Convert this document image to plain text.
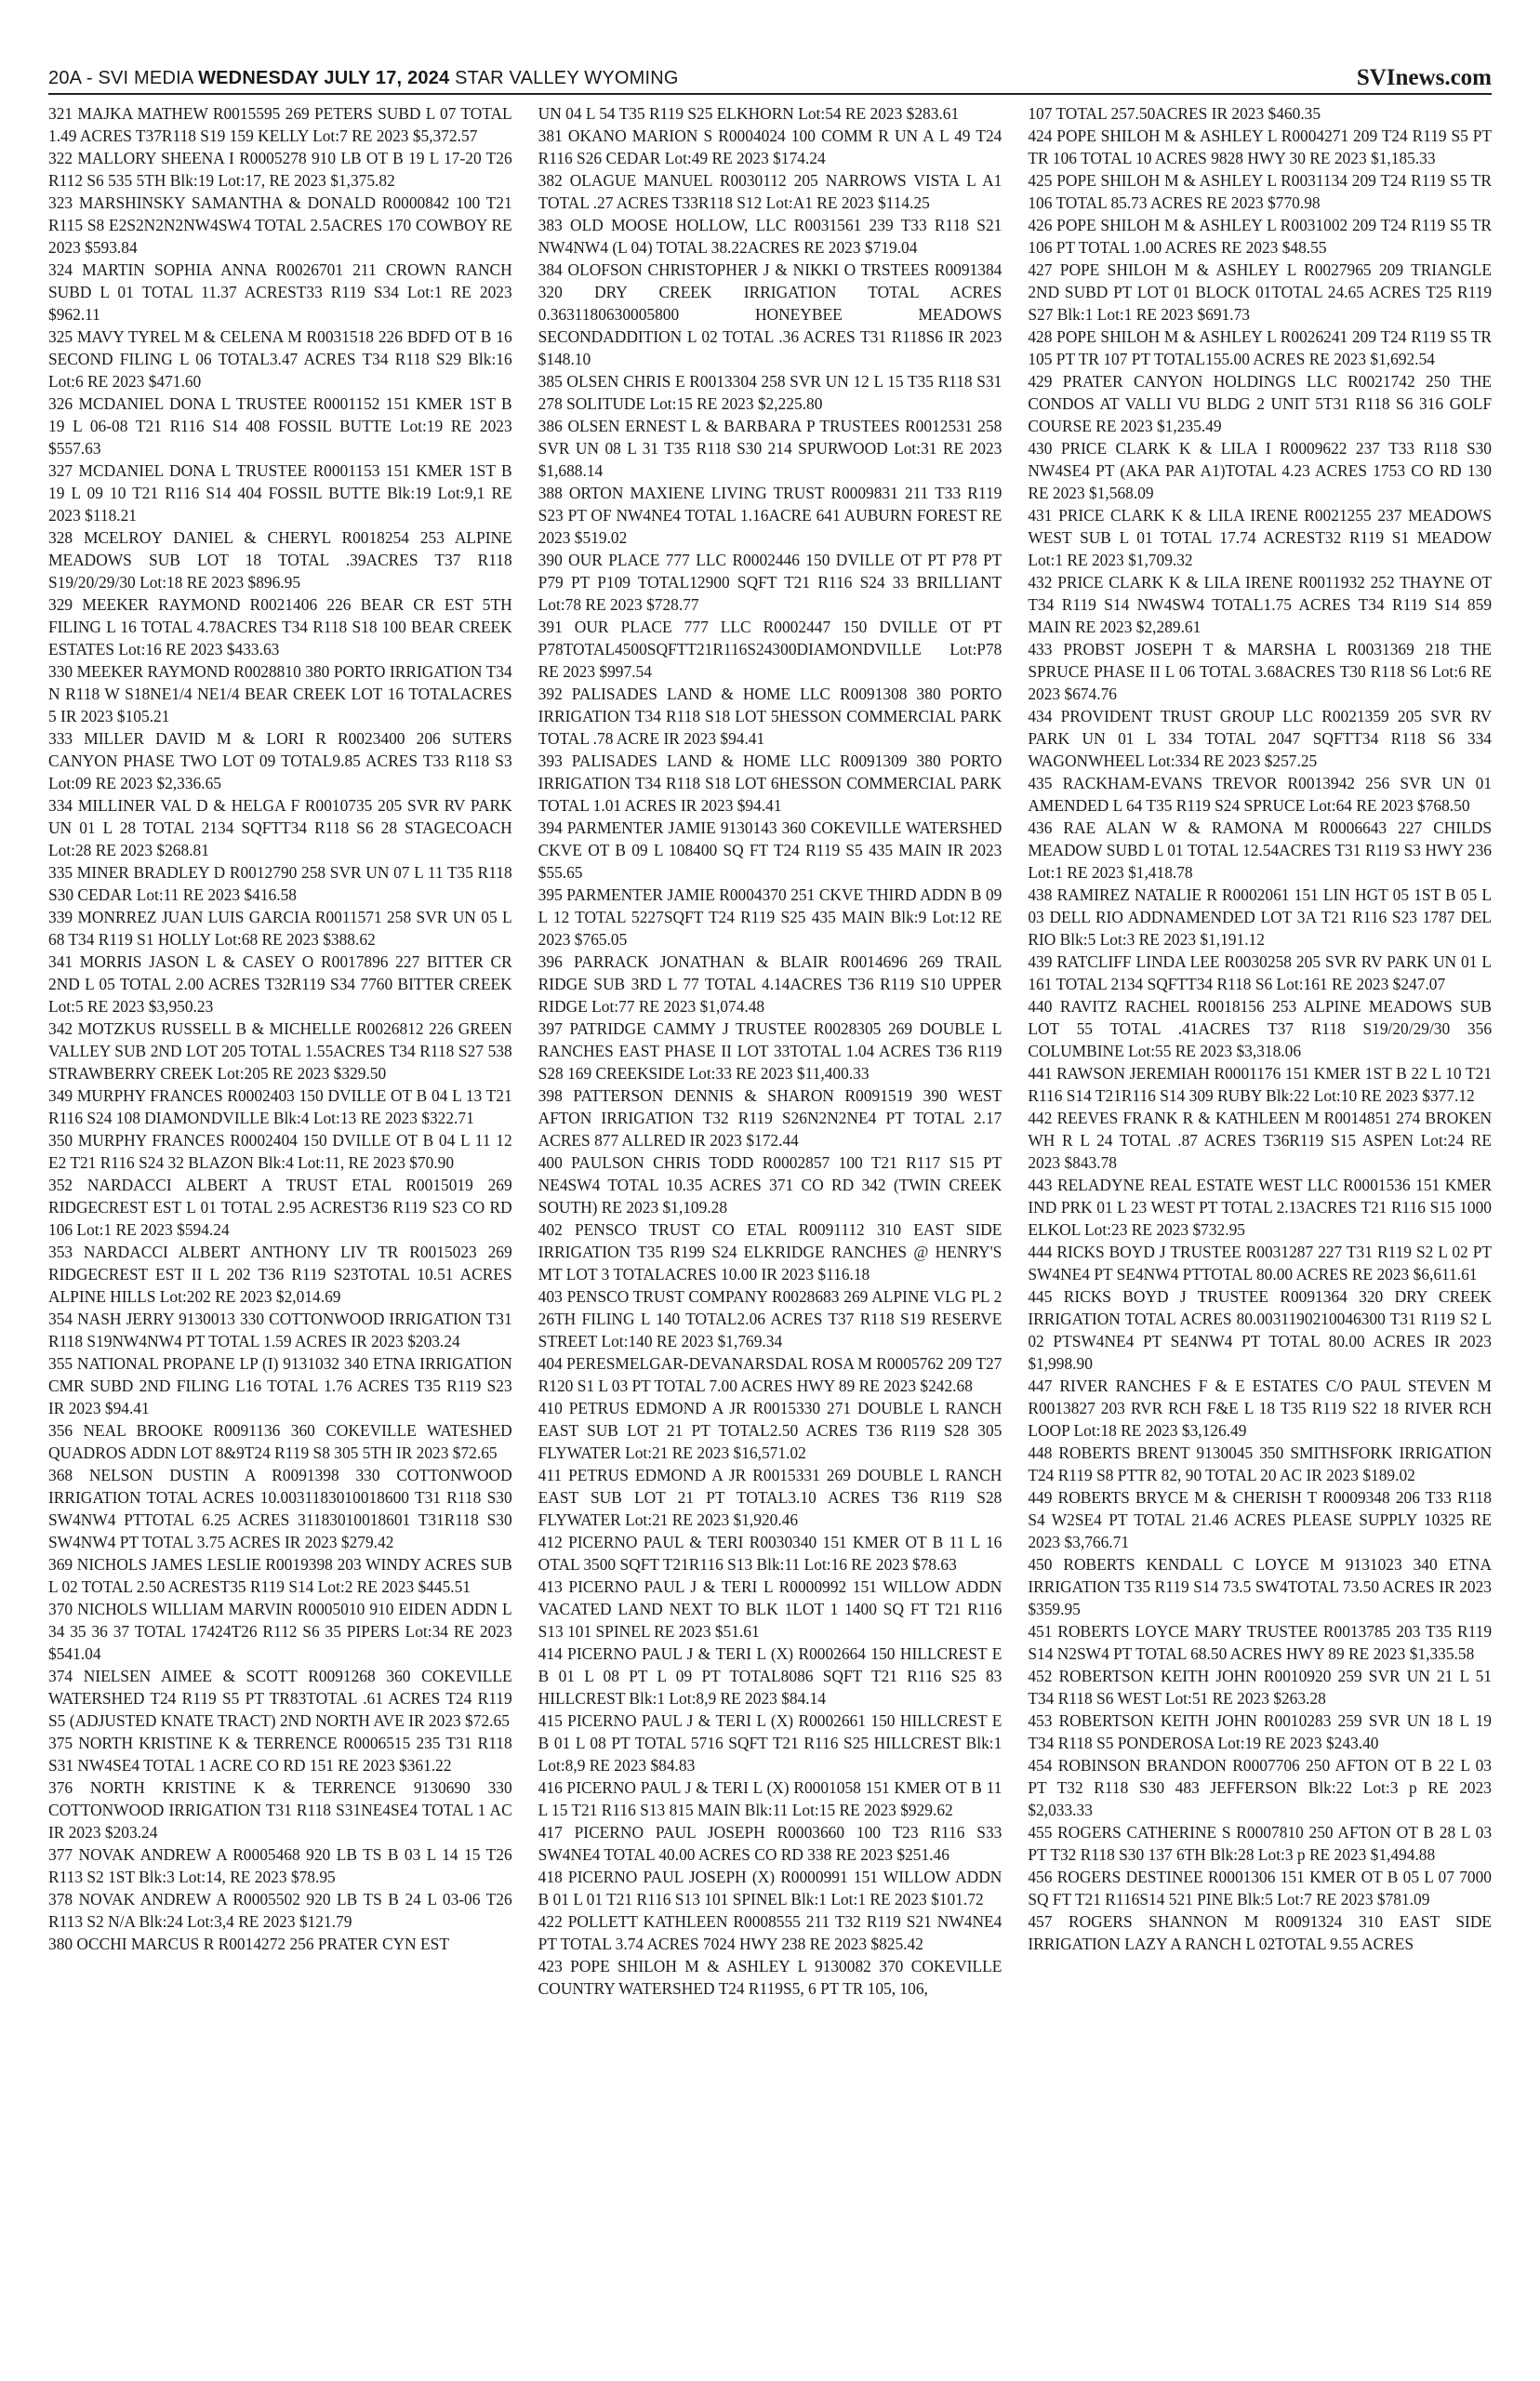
20A - SVI MEDIA WEDNESDAY JULY 17, 2024 STAR VALLEY WYOMING	SVInews.com

321 MAJKA MATHEW R0015595 269 PETERS SUBD L 07 TOTAL 1.49 ACRES T37R118 S19 159 KELLY Lot:7 RE 2023 $5,372.57

322 MALLORY SHEENA I R0005278 910 LB OT B 19 L 17-20 T26 R112 S6 535 5TH Blk:19 Lot:17, RE 2023 $1,375.82

323 MARSHINSKY SAMANTHA & DONALD R0000842 100 T21 R115 S8 E2S2N2N2NW4SW4 TOTAL 2.5ACRES 170 COWBOY RE 2023 $593.84

324 MARTIN SOPHIA ANNA R0026701 211 CROWN RANCH SUBD L 01 TOTAL 11.37 ACREST33 R119 S34 Lot:1 RE 2023 $962.11

325 MAVY TYREL M & CELENA M R0031518 226 BDFD OT B 16 SECOND FILING L 06 TOTAL3.47 ACRES T34 R118 S29 Blk:16 Lot:6 RE 2023 $471.60

326 MCDANIEL DONA L TRUSTEE R0001152 151 KMER 1ST B 19 L 06-08 T21 R116 S14 408 FOSSIL BUTTE Lot:19 RE 2023 $557.63

327 MCDANIEL DONA L TRUSTEE R0001153 151 KMER 1ST B 19 L 09 10 T21 R116 S14 404 FOSSIL BUTTE Blk:19 Lot:9,1 RE 2023 $118.21

328 MCELROY DANIEL & CHERYL R0018254 253 ALPINE MEADOWS SUB LOT 18 TOTAL .39ACRES T37 R118 S19/20/29/30 Lot:18 RE 2023 $896.95

329 MEEKER RAYMOND R0021406 226 BEAR CR EST 5TH FILING L 16 TOTAL 4.78ACRES T34 R118 S18 100 BEAR CREEK ESTATES Lot:16 RE 2023 $433.63

330 MEEKER RAYMOND R0028810 380 PORTO IRRIGATION T34 N R118 W S18NE1/4 NE1/4 BEAR CREEK LOT 16 TOTALACRES 5 IR 2023 $105.21

333 MILLER DAVID M & LORI R R0023400 206 SUTERS CANYON PHASE TWO LOT 09 TOTAL9.85 ACRES T33 R118 S3 Lot:09 RE 2023 $2,336.65

334 MILLINER VAL D & HELGA F R0010735 205 SVR RV PARK UN 01 L 28 TOTAL 2134 SQFTT34 R118 S6 28 STAGECOACH Lot:28 RE 2023 $268.81

335 MINER BRADLEY D R0012790 258 SVR UN 07 L 11 T35 R118 S30 CEDAR Lot:11 RE 2023 $416.58

339 MONRREZ JUAN LUIS GARCIA R0011571 258 SVR UN 05 L 68 T34 R119 S1 HOLLY Lot:68 RE 2023 $388.62

341 MORRIS JASON L & CASEY O R0017896 227 BITTER CR 2ND L 05 TOTAL 2.00 ACRES T32R119 S34 7760 BITTER CREEK Lot:5 RE 2023 $3,950.23

342 MOTZKUS RUSSELL B & MICHELLE R0026812 226 GREEN VALLEY SUB 2ND LOT 205 TOTAL 1.55ACRES T34 R118 S27 538 STRAWBERRY CREEK Lot:205 RE 2023 $329.50

349 MURPHY FRANCES R0002403 150 DVILLE OT B 04 L 13 T21 R116 S24 108 DIAMONDVILLE Blk:4 Lot:13 RE 2023 $322.71

350 MURPHY FRANCES R0002404 150 DVILLE OT B 04 L 11 12 E2 T21 R116 S24 32 BLAZON Blk:4 Lot:11, RE 2023 $70.90

352 NARDACCI ALBERT A TRUST ETAL R0015019 269 RIDGECREST EST L 01 TOTAL 2.95 ACREST36 R119 S23 CO RD 106 Lot:1 RE 2023 $594.24

353 NARDACCI ALBERT ANTHONY LIV TR R0015023 269 RIDGECREST EST II L 202 T36 R119 S23TOTAL 10.51 ACRES ALPINE HILLS Lot:202 RE 2023 $2,014.69

354 NASH JERRY 9130013 330 COTTONWOOD IRRIGATION T31 R118 S19NW4NW4 PT TOTAL 1.59 ACRES IR 2023 $203.24

355 NATIONAL PROPANE LP (I) 9131032 340 ETNA IRRIGATION CMR SUBD 2ND FILING L16 TOTAL 1.76 ACRES T35 R119 S23 IR 2023 $94.41

356 NEAL BROOKE R0091136 360 COKEVILLE WATESHED QUADROS ADDN LOT 8&9T24 R119 S8 305 5TH IR 2023 $72.65

368 NELSON DUSTIN A R0091398 330 COTTONWOOD IRRIGATION TOTAL ACRES 10.0031183010018600 T31 R118 S30 SW4NW4 PTTOTAL 6.25 ACRES 31183010018601 T31R118 S30 SW4NW4 PT TOTAL 3.75 ACRES IR 2023 $279.42

369 NICHOLS JAMES LESLIE R0019398 203 WINDY ACRES SUB L 02 TOTAL 2.50 ACREST35 R119 S14 Lot:2 RE 2023 $445.51

370 NICHOLS WILLIAM MARVIN R0005010 910 EIDEN ADDN L 34 35 36 37 TOTAL 17424T26 R112 S6 35 PIPERS Lot:34 RE 2023 $541.04

374 NIELSEN AIMEE & SCOTT R0091268 360 COKEVILLE WATERSHED T24 R119 S5 PT TR83TOTAL .61 ACRES T24 R119 S5 (ADJUSTED KNATE TRACT) 2ND NORTH AVE IR 2023 $72.65

375 NORTH KRISTINE K & TERRENCE R0006515 235 T31 R118 S31 NW4SE4 TOTAL 1 ACRE CO RD 151 RE 2023 $361.22

376 NORTH KRISTINE K & TERRENCE 9130690 330 COTTONWOOD IRRIGATION T31 R118 S31NE4SE4 TOTAL 1 AC IR 2023 $203.24

377 NOVAK ANDREW A R0005468 920 LB TS B 03 L 14 15 T26 R113 S2 1ST Blk:3 Lot:14, RE 2023 $78.95

378 NOVAK ANDREW A R0005502 920 LB TS B 24 L 03-06 T26 R113 S2 N/A Blk:24 Lot:3,4 RE 2023 $121.79

380 OCCHI MARCUS R R0014272 256 PRATER CYN EST

UN 04 L 54 T35 R119 S25 ELKHORN Lot:54 RE 2023 $283.61

381 OKANO MARION S R0004024 100 COMM R UN A L 49 T24 R116 S26 CEDAR Lot:49 RE 2023 $174.24

382 OLAGUE MANUEL R0030112 205 NARROWS VISTA L A1 TOTAL .27 ACRES T33R118 S12 Lot:A1 RE 2023 $114.25

383 OLD MOOSE HOLLOW, LLC R0031561 239 T33 R118 S21 NW4NW4 (L 04) TOTAL 38.22ACRES RE 2023 $719.04

384 OLOFSON CHRISTOPHER J & NIKKI O TRSTEES R0091384 320 DRY CREEK IRRIGATION TOTAL ACRES 0.3631180630005800 HONEYBEE MEADOWS SECONDADDITION L 02 TOTAL .36 ACRES T31 R118S6 IR 2023 $148.10

385 OLSEN CHRIS E R0013304 258 SVR UN 12 L 15 T35 R118 S31 278 SOLITUDE Lot:15 RE 2023 $2,225.80

386 OLSEN ERNEST L & BARBARA P TRUSTEES R0012531 258 SVR UN 08 L 31 T35 R118 S30 214 SPURWOOD Lot:31 RE 2023 $1,688.14

388 ORTON MAXIENE LIVING TRUST R0009831 211 T33 R119 S23 PT OF NW4NE4 TOTAL 1.16ACRE 641 AUBURN FOREST RE 2023 $519.02

390 OUR PLACE 777 LLC R0002446 150 DVILLE OT PT P78 PT P79 PT P109 TOTAL12900 SQFT T21 R116 S24 33 BRILLIANT Lot:78 RE 2023 $728.77

391 OUR PLACE 777 LLC R0002447 150 DVILLE OT PT P78TOTAL4500SQFTT21R116S24300DIAMONDVILLE Lot:P78 RE 2023 $997.54

392 PALISADES LAND & HOME LLC R0091308 380 PORTO IRRIGATION T34 R118 S18 LOT 5HESSON COMMERCIAL PARK TOTAL .78 ACRE IR 2023 $94.41

393 PALISADES LAND & HOME LLC R0091309 380 PORTO IRRIGATION T34 R118 S18 LOT 6HESSON COMMERCIAL PARK TOTAL 1.01 ACRES IR 2023 $94.41

394 PARMENTER JAMIE 9130143 360 COKEVILLE WATERSHED CKVE OT B 09 L 108400 SQ FT T24 R119 S5 435 MAIN IR 2023 $55.65

395 PARMENTER JAMIE R0004370 251 CKVE THIRD ADDN B 09 L 12 TOTAL 5227SQFT T24 R119 S25 435 MAIN Blk:9 Lot:12 RE 2023 $765.05

396 PARRACK JONATHAN & BLAIR R0014696 269 TRAIL RIDGE SUB 3RD L 77 TOTAL 4.14ACRES T36 R119 S10 UPPER RIDGE Lot:77 RE 2023 $1,074.48

397 PATRIDGE CAMMY J TRUSTEE R0028305 269 DOUBLE L RANCHES EAST PHASE II LOT 33TOTAL 1.04 ACRES T36 R119 S28 169 CREEKSIDE Lot:33 RE 2023 $11,400.33

398 PATTERSON DENNIS & SHARON R0091519 390 WEST AFTON IRRIGATION T32 R119 S26N2N2NE4 PT TOTAL 2.17 ACRES 877 ALLRED IR 2023 $172.44

400 PAULSON CHRIS TODD R0002857 100 T21 R117 S15 PT NE4SW4 TOTAL 10.35 ACRES 371 CO RD 342 (TWIN CREEK SOUTH) RE 2023 $1,109.28

402 PENSCO TRUST CO ETAL R0091112 310 EAST SIDE IRRIGATION T35 R199 S24 ELKRIDGE RANCHES @ HENRY'S MT LOT 3 TOTALACRES 10.00 IR 2023 $116.18

403 PENSCO TRUST COMPANY R0028683 269 ALPINE VLG PL 2 26TH FILING L 140 TOTAL2.06 ACRES T37 R118 S19 RESERVE STREET Lot:140 RE 2023 $1,769.34

404 PERESMELGAR-DEVANARSDAL ROSA M R0005762 209 T27 R120 S1 L 03 PT TOTAL 7.00 ACRES HWY 89 RE 2023 $242.68

410 PETRUS EDMOND A JR R0015330 271 DOUBLE L RANCH EAST SUB LOT 21 PT TOTAL2.50 ACRES T36 R119 S28 305 FLYWATER Lot:21 RE 2023 $16,571.02

411 PETRUS EDMOND A JR R0015331 269 DOUBLE L RANCH EAST SUB LOT 21 PT TOTAL3.10 ACRES T36 R119 S28 FLYWATER Lot:21 RE 2023 $1,920.46

412 PICERNO PAUL & TERI R0030340 151 KMER OT B 11 L 16 OTAL 3500 SQFT T21R116 S13 Blk:11 Lot:16 RE 2023 $78.63

413 PICERNO PAUL J & TERI L R0000992 151 WILLOW ADDN VACATED LAND NEXT TO BLK 1LOT 1 1400 SQ FT T21 R116 S13 101 SPINEL RE 2023 $51.61

414 PICERNO PAUL J & TERI L (X) R0002664 150 HILLCREST E B 01 L 08 PT L 09 PT TOTAL8086 SQFT T21 R116 S25 83 HILLCREST Blk:1 Lot:8,9 RE 2023 $84.14

415 PICERNO PAUL J & TERI L (X) R0002661 150 HILLCREST E B 01 L 08 PT TOTAL 5716 SQFT T21 R116 S25 HILLCREST Blk:1 Lot:8,9 RE 2023 $84.83

416 PICERNO PAUL J & TERI L (X) R0001058 151 KMER OT B 11 L 15 T21 R116 S13 815 MAIN Blk:11 Lot:15 RE 2023 $929.62

417 PICERNO PAUL JOSEPH R0003660 100 T23 R116 S33 SW4NE4 TOTAL 40.00 ACRES CO RD 338 RE 2023 $251.46

418 PICERNO PAUL JOSEPH (X) R0000991 151 WILLOW ADDN B 01 L 01 T21 R116 S13 101 SPINEL Blk:1 Lot:1 RE 2023 $101.72

422 POLLETT KATHLEEN R0008555 211 T32 R119 S21 NW4NE4 PT TOTAL 3.74 ACRES 7024 HWY 238 RE 2023 $825.42

423 POPE SHILOH M & ASHLEY L 9130082 370 COKEVILLE COUNTRY WATERSHED T24 R119S5, 6 PT TR 105, 106,

107 TOTAL 257.50ACRES IR 2023 $460.35

424 POPE SHILOH M & ASHLEY L R0004271 209 T24 R119 S5 PT TR 106 TOTAL 10 ACRES 9828 HWY 30 RE 2023 $1,185.33

425 POPE SHILOH M & ASHLEY L R0031134 209 T24 R119 S5 TR 106 TOTAL 85.73 ACRES RE 2023 $770.98

426 POPE SHILOH M & ASHLEY L R0031002 209 T24 R119 S5 TR 106 PT TOTAL 1.00 ACRES RE 2023 $48.55

427 POPE SHILOH M & ASHLEY L R0027965 209 TRIANGLE 2ND SUBD PT LOT 01 BLOCK 01TOTAL 24.65 ACRES T25 R119 S27 Blk:1 Lot:1 RE 2023 $691.73

428 POPE SHILOH M & ASHLEY L R0026241 209 T24 R119 S5 TR 105 PT TR 107 PT TOTAL155.00 ACRES RE 2023 $1,692.54

429 PRATER CANYON HOLDINGS LLC R0021742 250 THE CONDOS AT VALLI VU BLDG 2 UNIT 5T31 R118 S6 316 GOLF COURSE RE 2023 $1,235.49

430 PRICE CLARK K & LILA I R0009622 237 T33 R118 S30 NW4SE4 PT (AKA PAR A1)TOTAL 4.23 ACRES 1753 CO RD 130 RE 2023 $1,568.09

431 PRICE CLARK K & LILA IRENE R0021255 237 MEADOWS WEST SUB L 01 TOTAL 17.74 ACREST32 R119 S1 MEADOW Lot:1 RE 2023 $1,709.32

432 PRICE CLARK K & LILA IRENE R0011932 252 THAYNE OT T34 R119 S14 NW4SW4 TOTAL1.75 ACRES T34 R119 S14 859 MAIN RE 2023 $2,289.61

433 PROBST JOSEPH T & MARSHA L R0031369 218 THE SPRUCE PHASE II L 06 TOTAL 3.68ACRES T30 R118 S6 Lot:6 RE 2023 $674.76

434 PROVIDENT TRUST GROUP LLC R0021359 205 SVR RV PARK UN 01 L 334 TOTAL 2047 SQFTT34 R118 S6 334 WAGONWHEEL Lot:334 RE 2023 $257.25

435 RACKHAM-EVANS TREVOR R0013942 256 SVR UN 01 AMENDED L 64 T35 R119 S24 SPRUCE Lot:64 RE 2023 $768.50

436 RAE ALAN W & RAMONA M R0006643 227 CHILDS MEADOW SUBD L 01 TOTAL 12.54ACRES T31 R119 S3 HWY 236 Lot:1 RE 2023 $1,418.78

438 RAMIREZ NATALIE R R0002061 151 LIN HGT 05 1ST B 05 L 03 DELL RIO ADDNAMENDED LOT 3A T21 R116 S23 1787 DEL RIO Blk:5 Lot:3 RE 2023 $1,191.12

439 RATCLIFF LINDA LEE R0030258 205 SVR RV PARK UN 01 L 161 TOTAL 2134 SQFTT34 R118 S6 Lot:161 RE 2023 $247.07

440 RAVITZ RACHEL R0018156 253 ALPINE MEADOWS SUB LOT 55 TOTAL .41ACRES T37 R118 S19/20/29/30 356 COLUMBINE Lot:55 RE 2023 $3,318.06

441 RAWSON JEREMIAH R0001176 151 KMER 1ST B 22 L 10 T21 R116 S14 T21R116 S14 309 RUBY Blk:22 Lot:10 RE 2023 $377.12

442 REEVES FRANK R & KATHLEEN M R0014851 274 BROKEN WH R L 24 TOTAL .87 ACRES T36R119 S15 ASPEN Lot:24 RE 2023 $843.78

443 RELADYNE REAL ESTATE WEST LLC R0001536 151 KMER IND PRK 01 L 23 WEST PT TOTAL 2.13ACRES T21 R116 S15 1000 ELKOL Lot:23 RE 2023 $732.95

444 RICKS BOYD J TRUSTEE R0031287 227 T31 R119 S2 L 02 PT SW4NE4 PT SE4NW4 PTTOTAL 80.00 ACRES RE 2023 $6,611.61

445 RICKS BOYD J TRUSTEE R0091364 320 DRY CREEK IRRIGATION TOTAL ACRES 80.0031190210046300 T31 R119 S2 L 02 PTSW4NE4 PT SE4NW4 PT TOTAL 80.00 ACRES IR 2023 $1,998.90

447 RIVER RANCHES F & E ESTATES C/O PAUL STEVEN M R0013827 203 RVR RCH F&E L 18 T35 R119 S22 18 RIVER RCH LOOP Lot:18 RE 2023 $3,126.49

448 ROBERTS BRENT 9130045 350 SMITHSFORK IRRIGATION T24 R119 S8 PTTR 82, 90 TOTAL 20 AC IR 2023 $189.02

449 ROBERTS BRYCE M & CHERISH T R0009348 206 T33 R118 S4 W2SE4 PT TOTAL 21.46 ACRES PLEASE SUPPLY 10325 RE 2023 $3,766.71

450 ROBERTS KENDALL C LOYCE M 9131023 340 ETNA IRRIGATION T35 R119 S14 73.5 SW4TOTAL 73.50 ACRES IR 2023 $359.95

451 ROBERTS LOYCE MARY TRUSTEE R0013785 203 T35 R119 S14 N2SW4 PT TOTAL 68.50 ACRES HWY 89 RE 2023 $1,335.58

452 ROBERTSON KEITH JOHN R0010920 259 SVR UN 21 L 51 T34 R118 S6 WEST Lot:51 RE 2023 $263.28

453 ROBERTSON KEITH JOHN R0010283 259 SVR UN 18 L 19 T34 R118 S5 PONDEROSA Lot:19 RE 2023 $243.40

454 ROBINSON BRANDON R0007706 250 AFTON OT B 22 L 03 PT T32 R118 S30 483 JEFFERSON Blk:22 Lot:3 p RE 2023 $2,033.33

455 ROGERS CATHERINE S R0007810 250 AFTON OT B 28 L 03 PT T32 R118 S30 137 6TH Blk:28 Lot:3 p RE 2023 $1,494.88

456 ROGERS DESTINEE R0001306 151 KMER OT B 05 L 07 7000 SQ FT T21 R116S14 521 PINE Blk:5 Lot:7 RE 2023 $781.09

457 ROGERS SHANNON M R0091324 310 EAST SIDE IRRIGATION LAZY A RANCH L 02TOTAL 9.55 ACRES
